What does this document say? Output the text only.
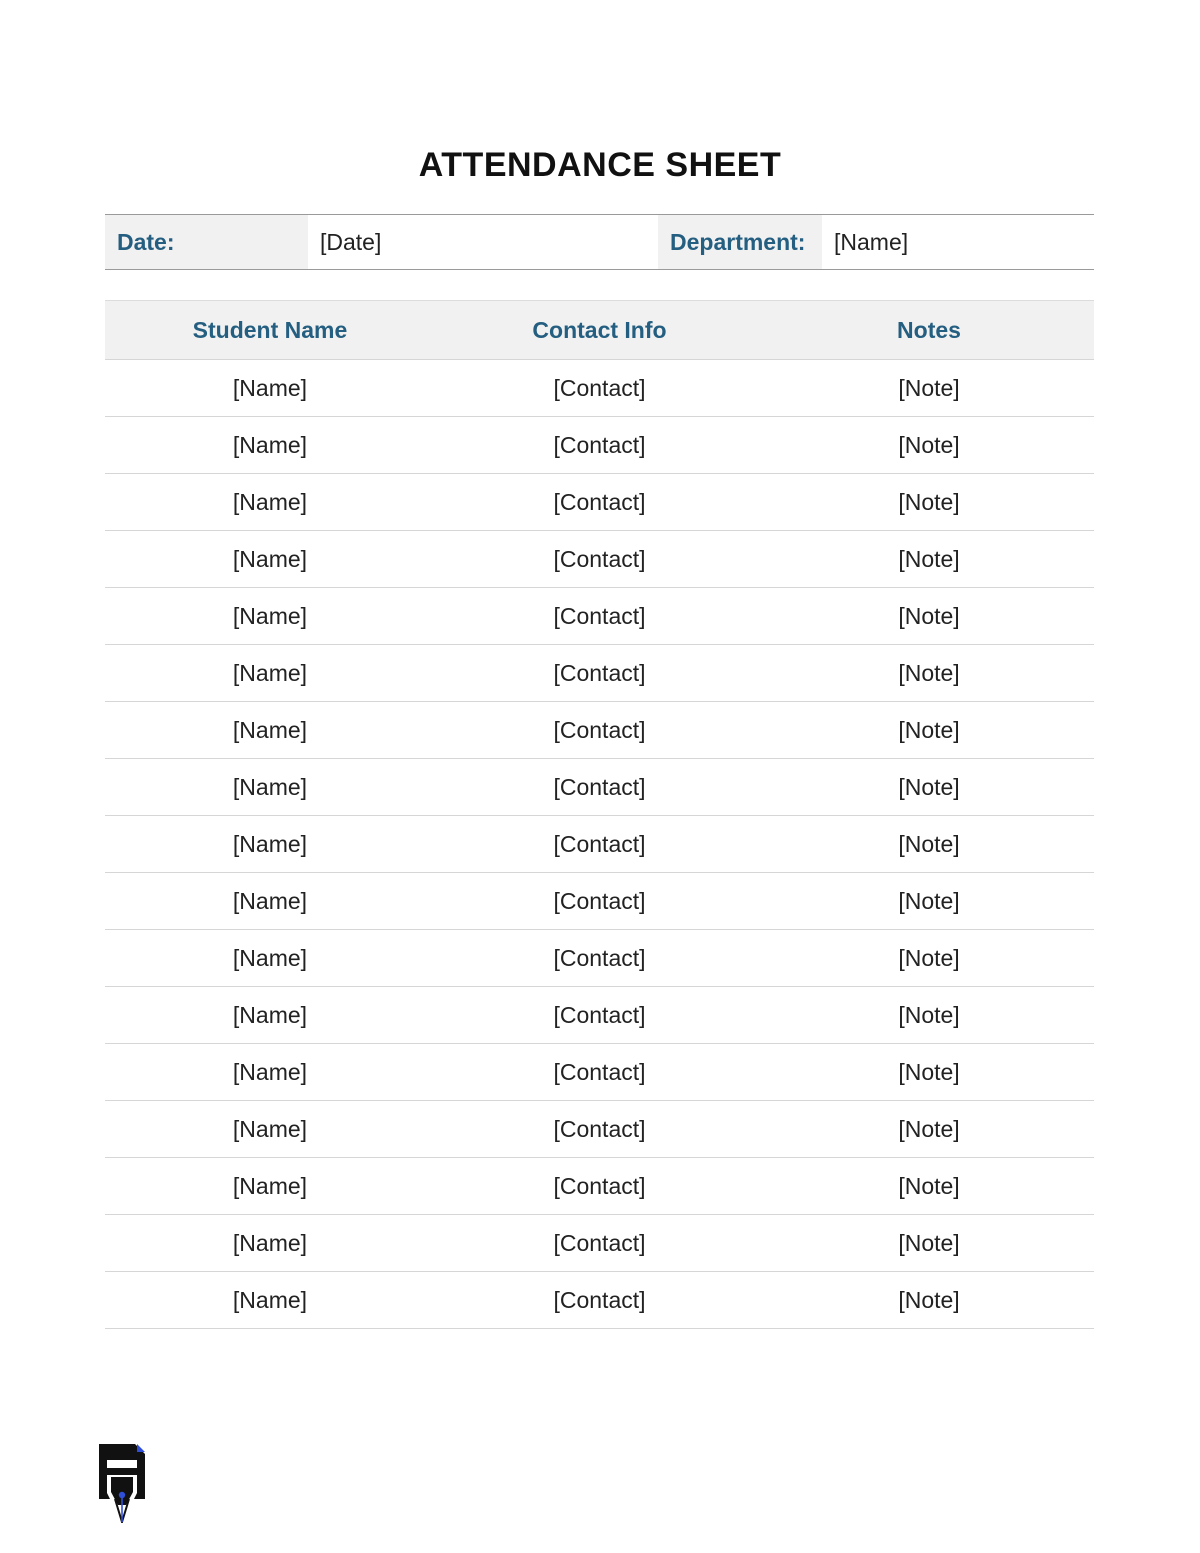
ATTENDANCE SHEET
Date:	[Date]	Department:	[Name]
Student Name	Contact Info	Notes
[Name]	[Contact]	[Note]
[Name]	[Contact]	[Note]
[Name]	[Contact]	[Note]
[Name]	[Contact]	[Note]
[Name]	[Contact]	[Note]
[Name]	[Contact]	[Note]
[Name]	[Contact]	[Note]
[Name]	[Contact]	[Note]
[Name]	[Contact]	[Note]
[Name]	[Contact]	[Note]
[Name]	[Contact]	[Note]
[Name]	[Contact]	[Note]
[Name]	[Contact]	[Note]
[Name]	[Contact]	[Note]
[Name]	[Contact]	[Note]
[Name]	[Contact]	[Note]
[Name]	[Contact]	[Note]
